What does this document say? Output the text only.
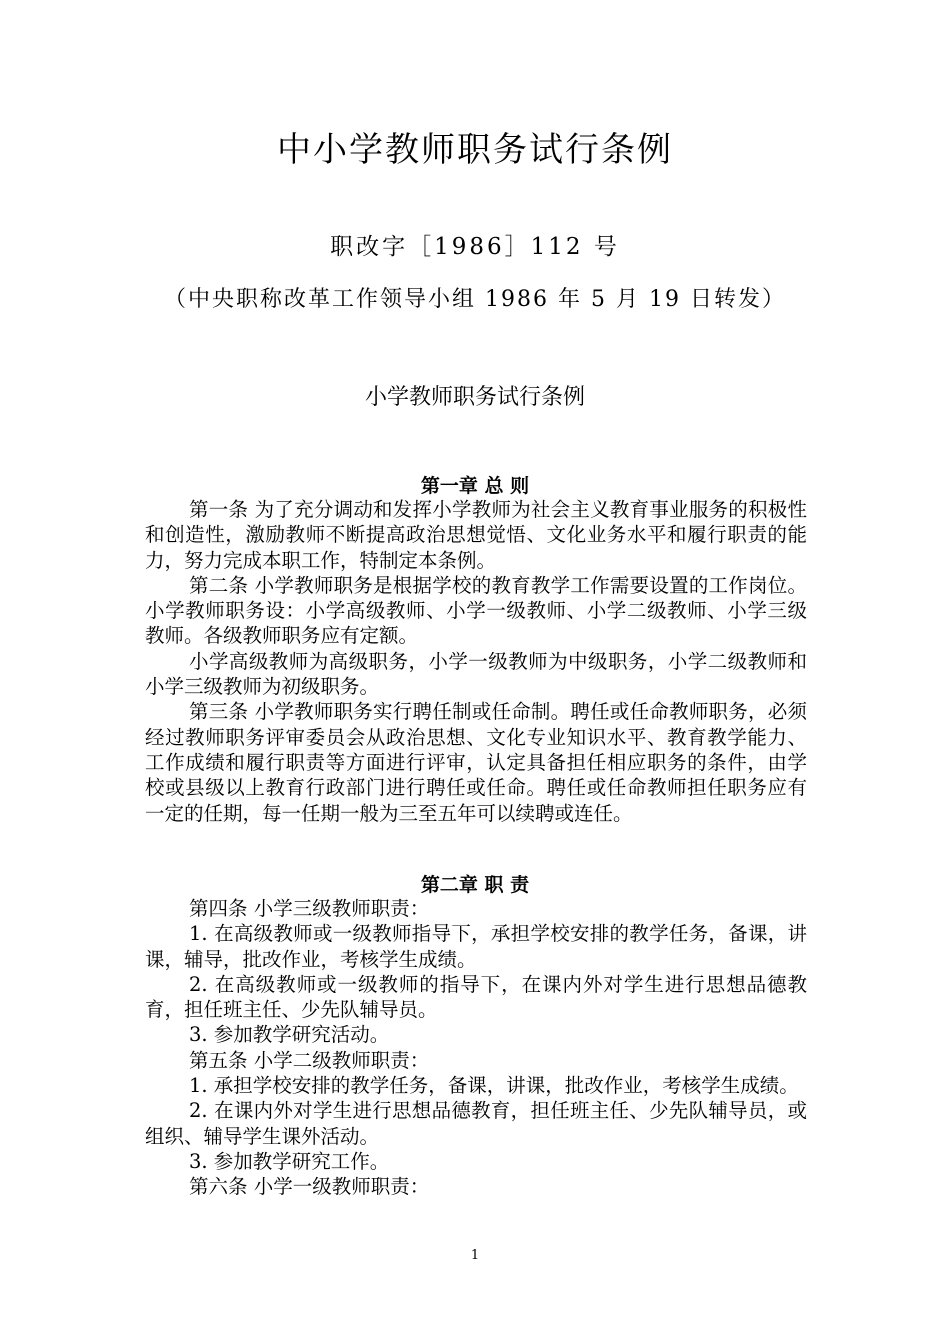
中小学教师职务试行条例
职改字［1986］112 号
（中央职称改革工作领导小组 1986 年 5 月 19 日转发）
小学教师职务试行条例
第一章 总 则

第一条 为了充分调动和发挥小学教师为社会主义教育事业服务的积极性和创造性，激励教师不断提高政治思想觉悟、文化业务水平和履行职责的能力，努力完成本职工作，特制定本条例。

第二条 小学教师职务是根据学校的教育教学工作需要设置的工作岗位。小学教师职务设：小学高级教师、小学一级教师、小学二级教师、小学三级教师。各级教师职务应有定额。

小学高级教师为高级职务，小学一级教师为中级职务，小学二级教师和小学三级教师为初级职务。

第三条 小学教师职务实行聘任制或任命制。聘任或任命教师职务，必须经过教师职务评审委员会从政治思想、文化专业知识水平、教育教学能力、工作成绩和履行职责等方面进行评审，认定具备担任相应职务的条件，由学校或县级以上教育行政部门进行聘任或任命。聘任或任命教师担任职务应有一定的任期，每一任期一般为三至五年可以续聘或连任。

第二章 职 责

第四条 小学三级教师职责：

1. 在高级教师或一级教师指导下，承担学校安排的教学任务，备课，讲课，辅导，批改作业，考核学生成绩。

2. 在高级教师或一级教师的指导下，在课内外对学生进行思想品德教育，担任班主任、少先队辅导员。

3. 参加教学研究活动。

第五条 小学二级教师职责：

1. 承担学校安排的教学任务，备课，讲课，批改作业，考核学生成绩。

2. 在课内外对学生进行思想品德教育，担任班主任、少先队辅导员，或组织、辅导学生课外活动。

3. 参加教学研究工作。

第六条 小学一级教师职责：

1
